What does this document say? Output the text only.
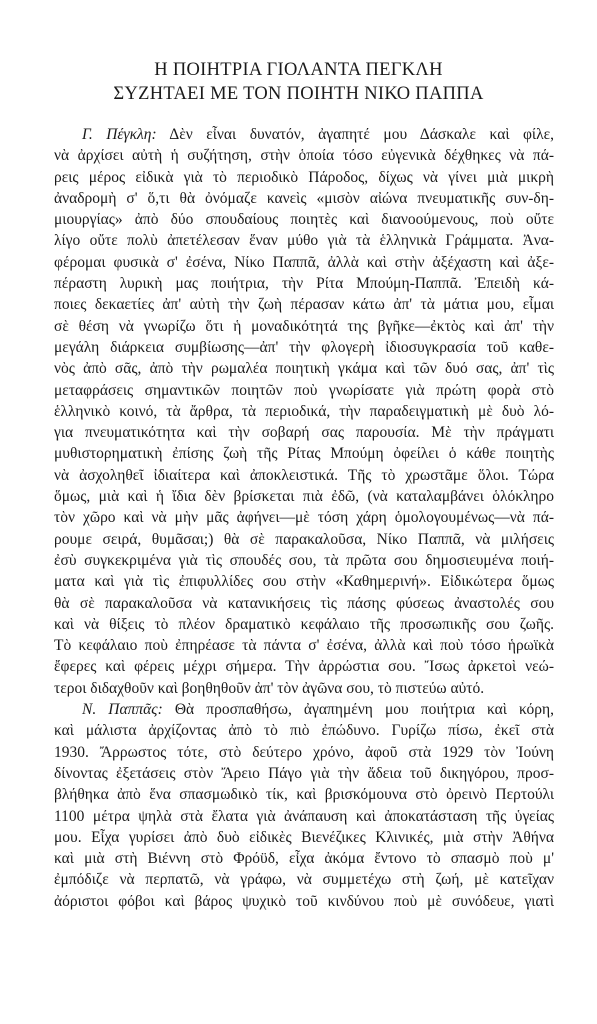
Η ΠΟΙΗΤΡΙΑ ΓΙΟΛΑΝΤΑ ΠΕΓΚΛΗ
ΣΥΖΗΤΑΕΙ ΜΕ ΤΟΝ ΠΟΙΗΤΗ ΝΙΚΟ ΠΑΠΠΑ
Γ. Πέγκλη: Δὲν εἶναι δυνατόν, ἀγαπητέ μου Δάσκαλε καὶ φίλε,
νὰ ἀρχίσει αὐτὴ ἡ συζήτηση, στὴν ὁποία τόσο εὐγενικὰ δέχθηκες νὰ πά-
ρεις μέρος εἰδικὰ γιὰ τὸ περιοδικὸ Πάροδος, δίχως νὰ γίνει μιὰ μικρὴ
ἀναδρομὴ σ' ὅ,τι θὰ ὀνόμαζε κανεὶς «μισὸν αἰώνα πνευματικῆς συν-δη-
μιουργίας» ἀπὸ δύο σπουδαίους ποιητὲς καὶ διανοούμενους, ποὺ οὔτε
λίγο οὔτε πολὺ ἀπετέλεσαν ἕναν μύθο γιὰ τὰ ἑλληνικὰ Γράμματα. Ἀνα-
φέρομαι φυσικὰ σ' ἐσένα, Νίκο Παππᾶ, ἀλλὰ καὶ στὴν ἀξέχαστη καὶ ἀξε-
πέραστη λυρικὴ μας ποιήτρια, τὴν Ρίτα Μπούμη-Παππᾶ. Ἐπειδὴ κά-
ποιες δεκαετίες ἀπ' αὐτὴ τὴν ζωὴ πέρασαν κάτω ἀπ' τὰ μάτια μου, εἶμαι
σὲ θέση νὰ γνωρίζω ὅτι ἡ μοναδικότητά της βγῆκε—ἐκτὸς καὶ ἀπ' τὴν
μεγάλη διάρκεια συμβίωσης—ἀπ' τὴν φλογερὴ ἰδιοσυγκρασία τοῦ καθε-
νὸς ἀπὸ σᾶς, ἀπὸ τὴν ρωμαλέα ποιητικὴ γκάμα καὶ τῶν δυό σας, ἀπ' τὶς
μεταφράσεις σημαντικῶν ποιητῶν ποὺ γνωρίσατε γιὰ πρώτη φορὰ στὸ
ἑλληνικὸ κοινό, τὰ ἄρθρα, τὰ περιοδικά, τὴν παραδειγματικὴ μὲ δυὸ λό-
για πνευματικότητα καὶ τὴν σοβαρή σας παρουσία. Μὲ τὴν πράγματι
μυθιστορηματικὴ ἐπίσης ζωὴ τῆς Ρίτας Μπούμη ὀφείλει ὁ κάθε ποιητὴς
νὰ ἀσχοληθεῖ ἰδιαίτερα καὶ ἀποκλειστικά. Τῆς τὸ χρωστᾶμε ὅλοι. Τώρα
ὅμως, μιὰ καὶ ἡ ἴδια δὲν βρίσκεται πιὰ ἐδῶ, (νὰ καταλαμβάνει ὁλόκληρο
τὸν χῶρο καὶ νὰ μὴν μᾶς ἀφήνει—μὲ τόση χάρη ὁμολογουμένως—νὰ πά-
ρουμε σειρά, θυμᾶσαι;) θὰ σὲ παρακαλοῦσα, Νίκο Παππᾶ, νὰ μιλήσεις
ἐσὺ συγκεκριμένα γιὰ τὶς σπουδές σου, τὰ πρῶτα σου δημοσιευμένα ποιή-
ματα καὶ γιὰ τὶς ἐπιφυλλίδες σου στὴν «Καθημερινή». Εἰδικώτερα ὅμως
θὰ σὲ παρακαλοῦσα νὰ κατανικήσεις τὶς πάσης φύσεως ἀναστολές σου
καὶ νὰ θίξεις τὸ πλέον δραματικὸ κεφάλαιο τῆς προσωπικῆς σου ζωῆς.
Τὸ κεφάλαιο ποὺ ἐπηρέασε τὰ πάντα σ' ἐσένα, ἀλλὰ καὶ ποὺ τόσο ἡρωϊκὰ
ἔφερες καὶ φέρεις μέχρι σήμερα. Τὴν ἀρρώστια σου. Ἴσως ἀρκετοὶ νεώ-
τεροι διδαχθοῦν καὶ βοηθηθοῦν ἀπ' τὸν ἀγῶνα σου, τὸ πιστεύω αὐτό.
Ν. Παππᾶς: Θὰ προσπαθήσω, ἀγαπημένη μου ποιήτρια καὶ κόρη,
καὶ μάλιστα ἀρχίζοντας ἀπὸ τὸ πιὸ ἐπώδυνο. Γυρίζω πίσω, ἐκεῖ στὰ
1930. Ἄρρωστος τότε, στὸ δεύτερο χρόνο, ἀφοῦ στὰ 1929 τὸν Ἰούνη
δίνοντας ἐξετάσεις στὸν Ἄρειο Πάγο γιὰ τὴν ἄδεια τοῦ δικηγόρου, προσ-
βλήθηκα ἀπὸ ἕνα σπασμωδικὸ τίκ, καὶ βρισκόμουνα στὸ ὀρεινὸ Περτούλι
1100 μέτρα ψηλὰ στὰ ἔλατα γιὰ ἀνάπαυση καὶ ἀποκατάσταση τῆς ὑγείας
μου. Εἶχα γυρίσει ἀπὸ δυὸ εἰδικὲς Βιενέζικες Κλινικές, μιὰ στὴν Ἀθήνα
καὶ μιὰ στὴ Βιέννη στὸ Φρόϋδ, εἶχα ἀκόμα ἔντονο τὸ σπασμὸ ποὺ μ'
ἐμπόδιζε νὰ περπατῶ, νὰ γράφω, νὰ συμμετέχω στὴ ζωή, μὲ κατεῖχαν
ἀόριστοι φόβοι καὶ βάρος ψυχικὸ τοῦ κινδύνου ποὺ μὲ συνόδευε, γιατὶ
